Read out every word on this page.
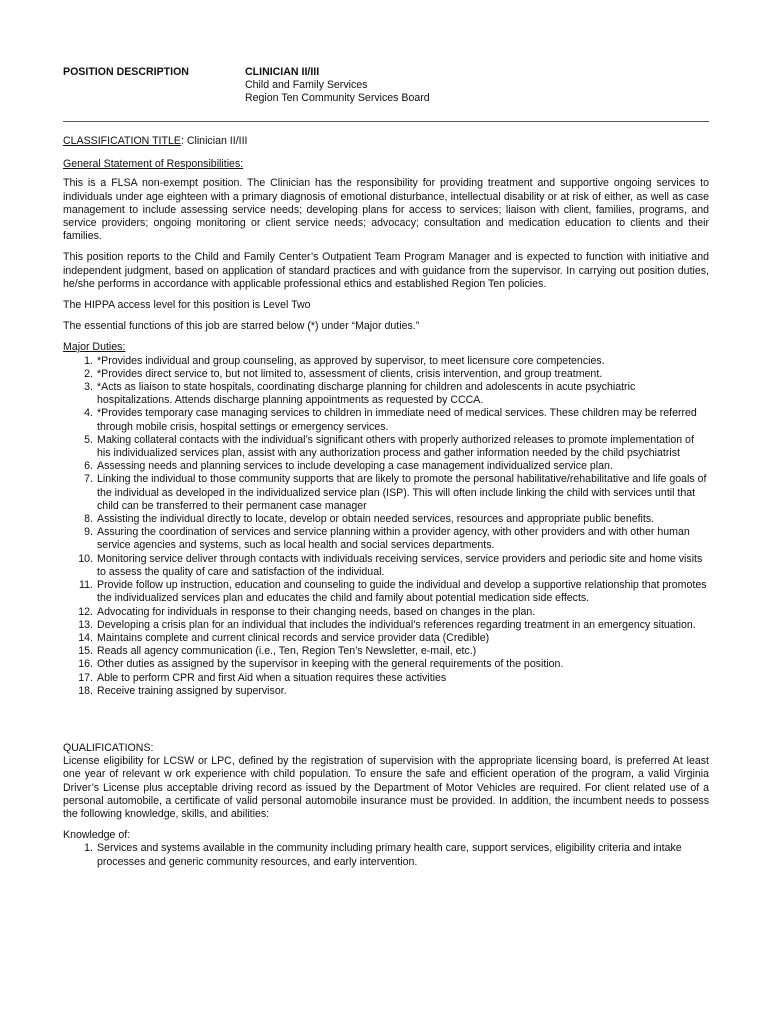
POSITION DESCRIPTION	CLINICIAN II/III
Child and Family Services
Region Ten Community Services Board

CLASSIFICATION TITLE: Clinician II/III

General Statement of Responsibilities:

This is a FLSA non-exempt position. The Clinician has the responsibility for providing treatment and supportive ongoing services to individuals under age eighteen with a primary diagnosis of emotional disturbance, intellectual disability or at risk of either, as well as case management to include assessing service needs; developing plans for access to services; liaison with client, families, programs, and service providers; ongoing monitoring or client service needs; advocacy; consultation and medication education to clients and their families.

This position reports to the Child and Family Center’s Outpatient Team Program Manager and is expected to function with initiative and independent judgment, based on application of standard practices and with guidance from the supervisor. In carrying out position duties, he/she performs in accordance with applicable professional ethics and established Region Ten policies.

The HIPPA access level for this position is Level Two

The essential functions of this job are starred below (*) under “Major duties.”

Major Duties:

1. *Provides individual and group counseling, as approved by supervisor, to meet licensure core competencies.
2. *Provides direct service to, but not limited to, assessment of clients, crisis intervention, and group treatment.
3. *Acts as liaison to state hospitals, coordinating discharge planning for children and adolescents in acute psychiatric hospitalizations. Attends discharge planning appointments as requested by CCCA.
4. *Provides temporary case managing services to children in immediate need of medical services. These children may be referred through mobile crisis, hospital settings or emergency services.
5. Making collateral contacts with the individual’s significant others with properly authorized releases to promote implementation of his individualized services plan, assist with any authorization process and gather information needed by the child psychiatrist
6. Assessing needs and planning services to include developing a case management individualized service plan.
7. Linking the individual to those community supports that are likely to promote the personal habilitative/rehabilitative and life goals of the individual as developed in the individualized service plan (ISP). This will often include linking the child with services until that child can be transferred to their permanent case manager
8. Assisting the individual directly to locate, develop or obtain needed services, resources and appropriate public benefits.
9. Assuring the coordination of services and service planning within a provider agency, with other providers and with other human service agencies and systems, such as local health and social services departments.
10. Monitoring service deliver through contacts with individuals receiving services, service providers and periodic site and home visits to assess the quality of care and satisfaction of the individual.
11. Provide follow up instruction, education and counseling to guide the individual and develop a supportive relationship that promotes the individualized services plan and educates the child and family about potential medication side effects.
12. Advocating for individuals in response to their changing needs, based on changes in the plan.
13. Developing a crisis plan for an individual that includes the individual’s references regarding treatment in an emergency situation.
14. Maintains complete and current clinical records and service provider data (Credible)
15. Reads all agency communication (i.e., Ten, Region Ten’s Newsletter, e-mail, etc.)
16. Other duties as assigned by the supervisor in keeping with the general requirements of the position.
17. Able to perform CPR and first Aid when a situation requires these activities
18. Receive training assigned by supervisor.

QUALIFICATIONS:

License eligibility for LCSW or LPC, defined by the registration of supervision with the appropriate licensing board, is preferred At least one year of relevant w ork experience with child population. To ensure the safe and efficient operation of the program, a valid Virginia Driver’s License plus acceptable driving record as issued by the Department of Motor Vehicles are required. For client related use of a personal automobile, a certificate of valid personal automobile insurance must be provided. In addition, the incumbent needs to possess the following knowledge, skills, and abilities:

Knowledge of:

1. Services and systems available in the community including primary health care, support services, eligibility criteria and intake processes and generic community resources, and early intervention.
